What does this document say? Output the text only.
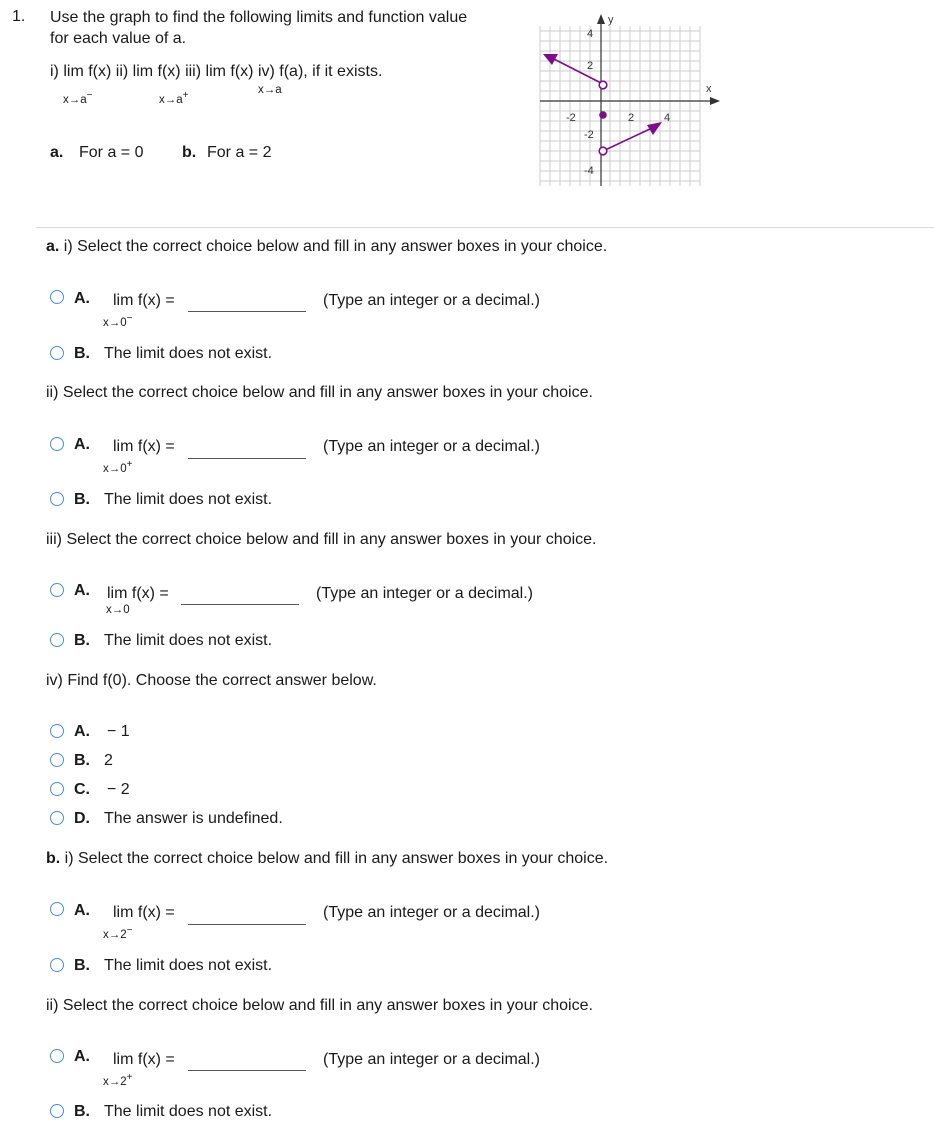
1. Use the graph to find the following limits and function value
for each value of a.
i) lim f(x) ii) lim f(x) iii) lim f(x) iv) f(a), if it exists.
x→a−	x→a+	x→a
a. For a = 0 b. For a = 2
x
y
-2	2	4
4
2
-2
-4
a. i) Select the correct choice below and fill in any answer boxes in your choice.
A. lim f(x) =
x→0−
(Type an integer or a decimal.)
B. The limit does not exist.
ii) Select the correct choice below and fill in any answer boxes in your choice.
A. lim f(x) =
x→0+
(Type an integer or a decimal.)
B. The limit does not exist.
iii) Select the correct choice below and fill in any answer boxes in your choice.
A. lim f(x) =
x→0
(Type an integer or a decimal.)
B. The limit does not exist.
iv) Find f(0). Choose the correct answer below.
A. − 1
B. 2
C. − 2
D. The answer is undefined.
b. i) Select the correct choice below and fill in any answer boxes in your choice.
A. lim f(x) =
x→2−
(Type an integer or a decimal.)
B. The limit does not exist.
ii) Select the correct choice below and fill in any answer boxes in your choice.
A. lim f(x) =
x→2+
(Type an integer or a decimal.)
B. The limit does not exist.
